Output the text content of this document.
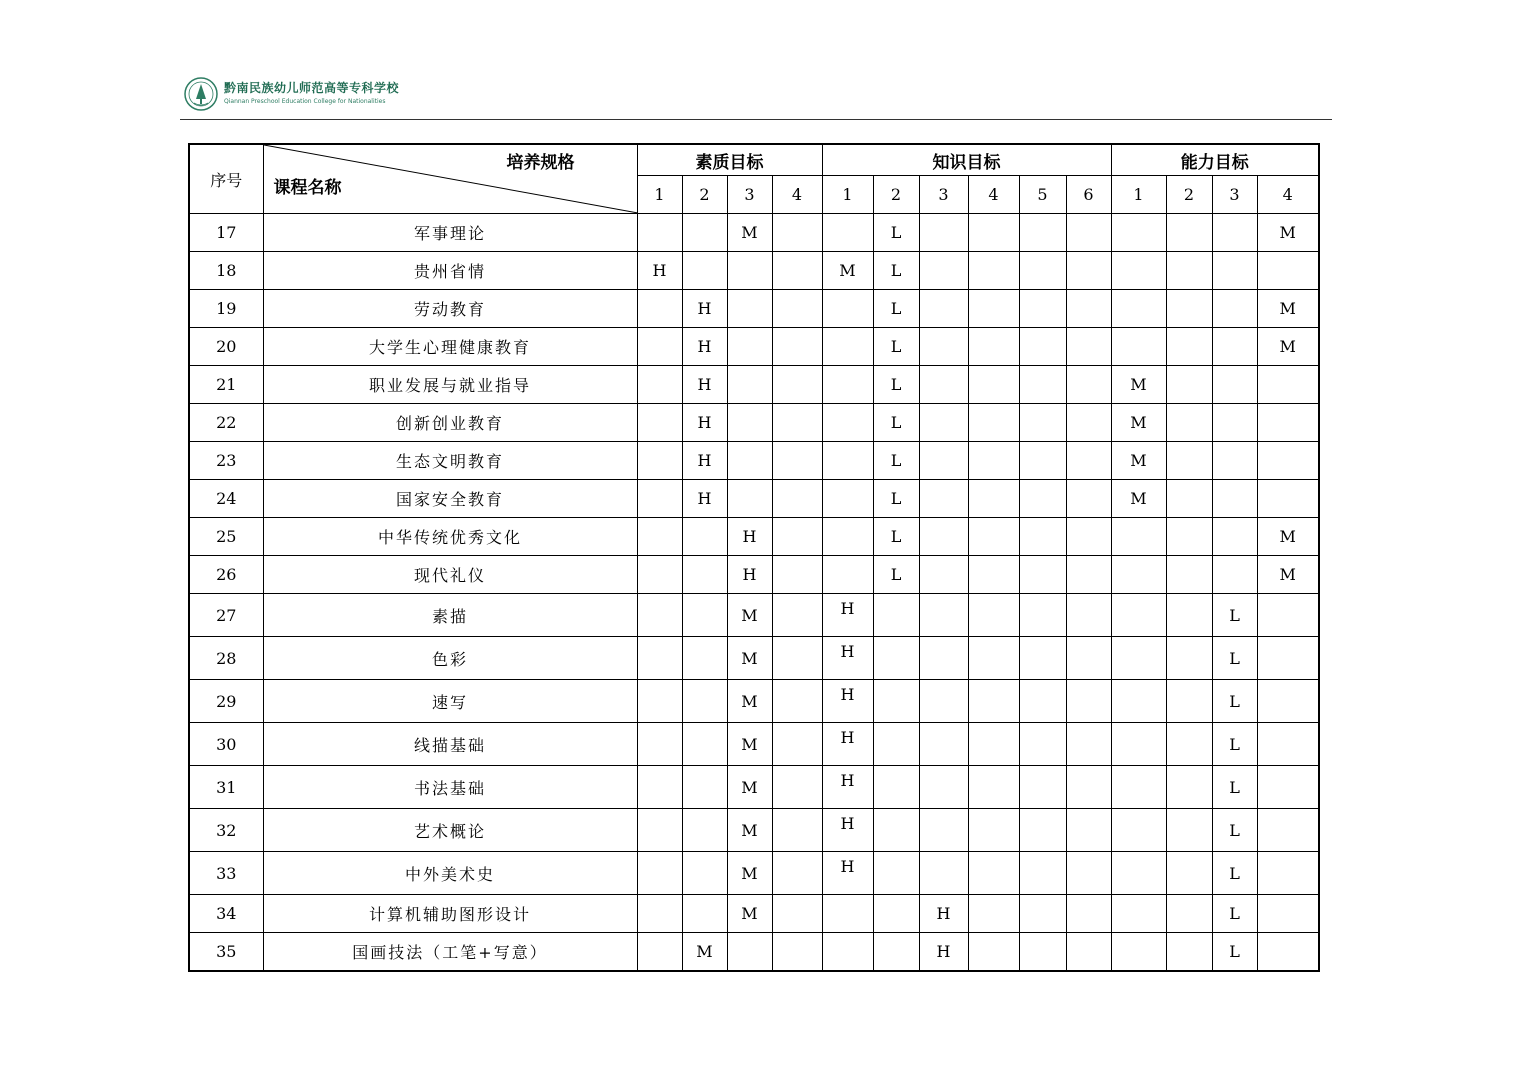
黔南民族幼儿师范高等专科学校
Qiannan Preschool Education College for Nationalities
序号	培养规格
课程名称	素质目标				知识目标						能力目标			
		1	2	3	4	1	2	3	4	5	6	1	2	3	4
17	军事理论			M			L								M
18	贵州省情	H				M	L								
19	劳动教育		H				L								M
20	大学生心理健康教育		H				L								M
21	职业发展与就业指导		H				L					M			
22	创新创业教育		H				L					M			
23	生态文明教育		H				L					M			
24	国家安全教育		H				L					M			
25	中华传统优秀文化			H			L								M
26	现代礼仪			H			L								M
27	素描			M		H								L	
28	色彩			M		H								L	
29	速写			M		H								L	
30	线描基础			M		H								L	
31	书法基础			M		H								L	
32	艺术概论			M		H								L	
33	中外美术史			M		H								L	
34	计算机辅助图形设计			M				H						L	
35	国画技法（工笔+写意）		M					H						L	
